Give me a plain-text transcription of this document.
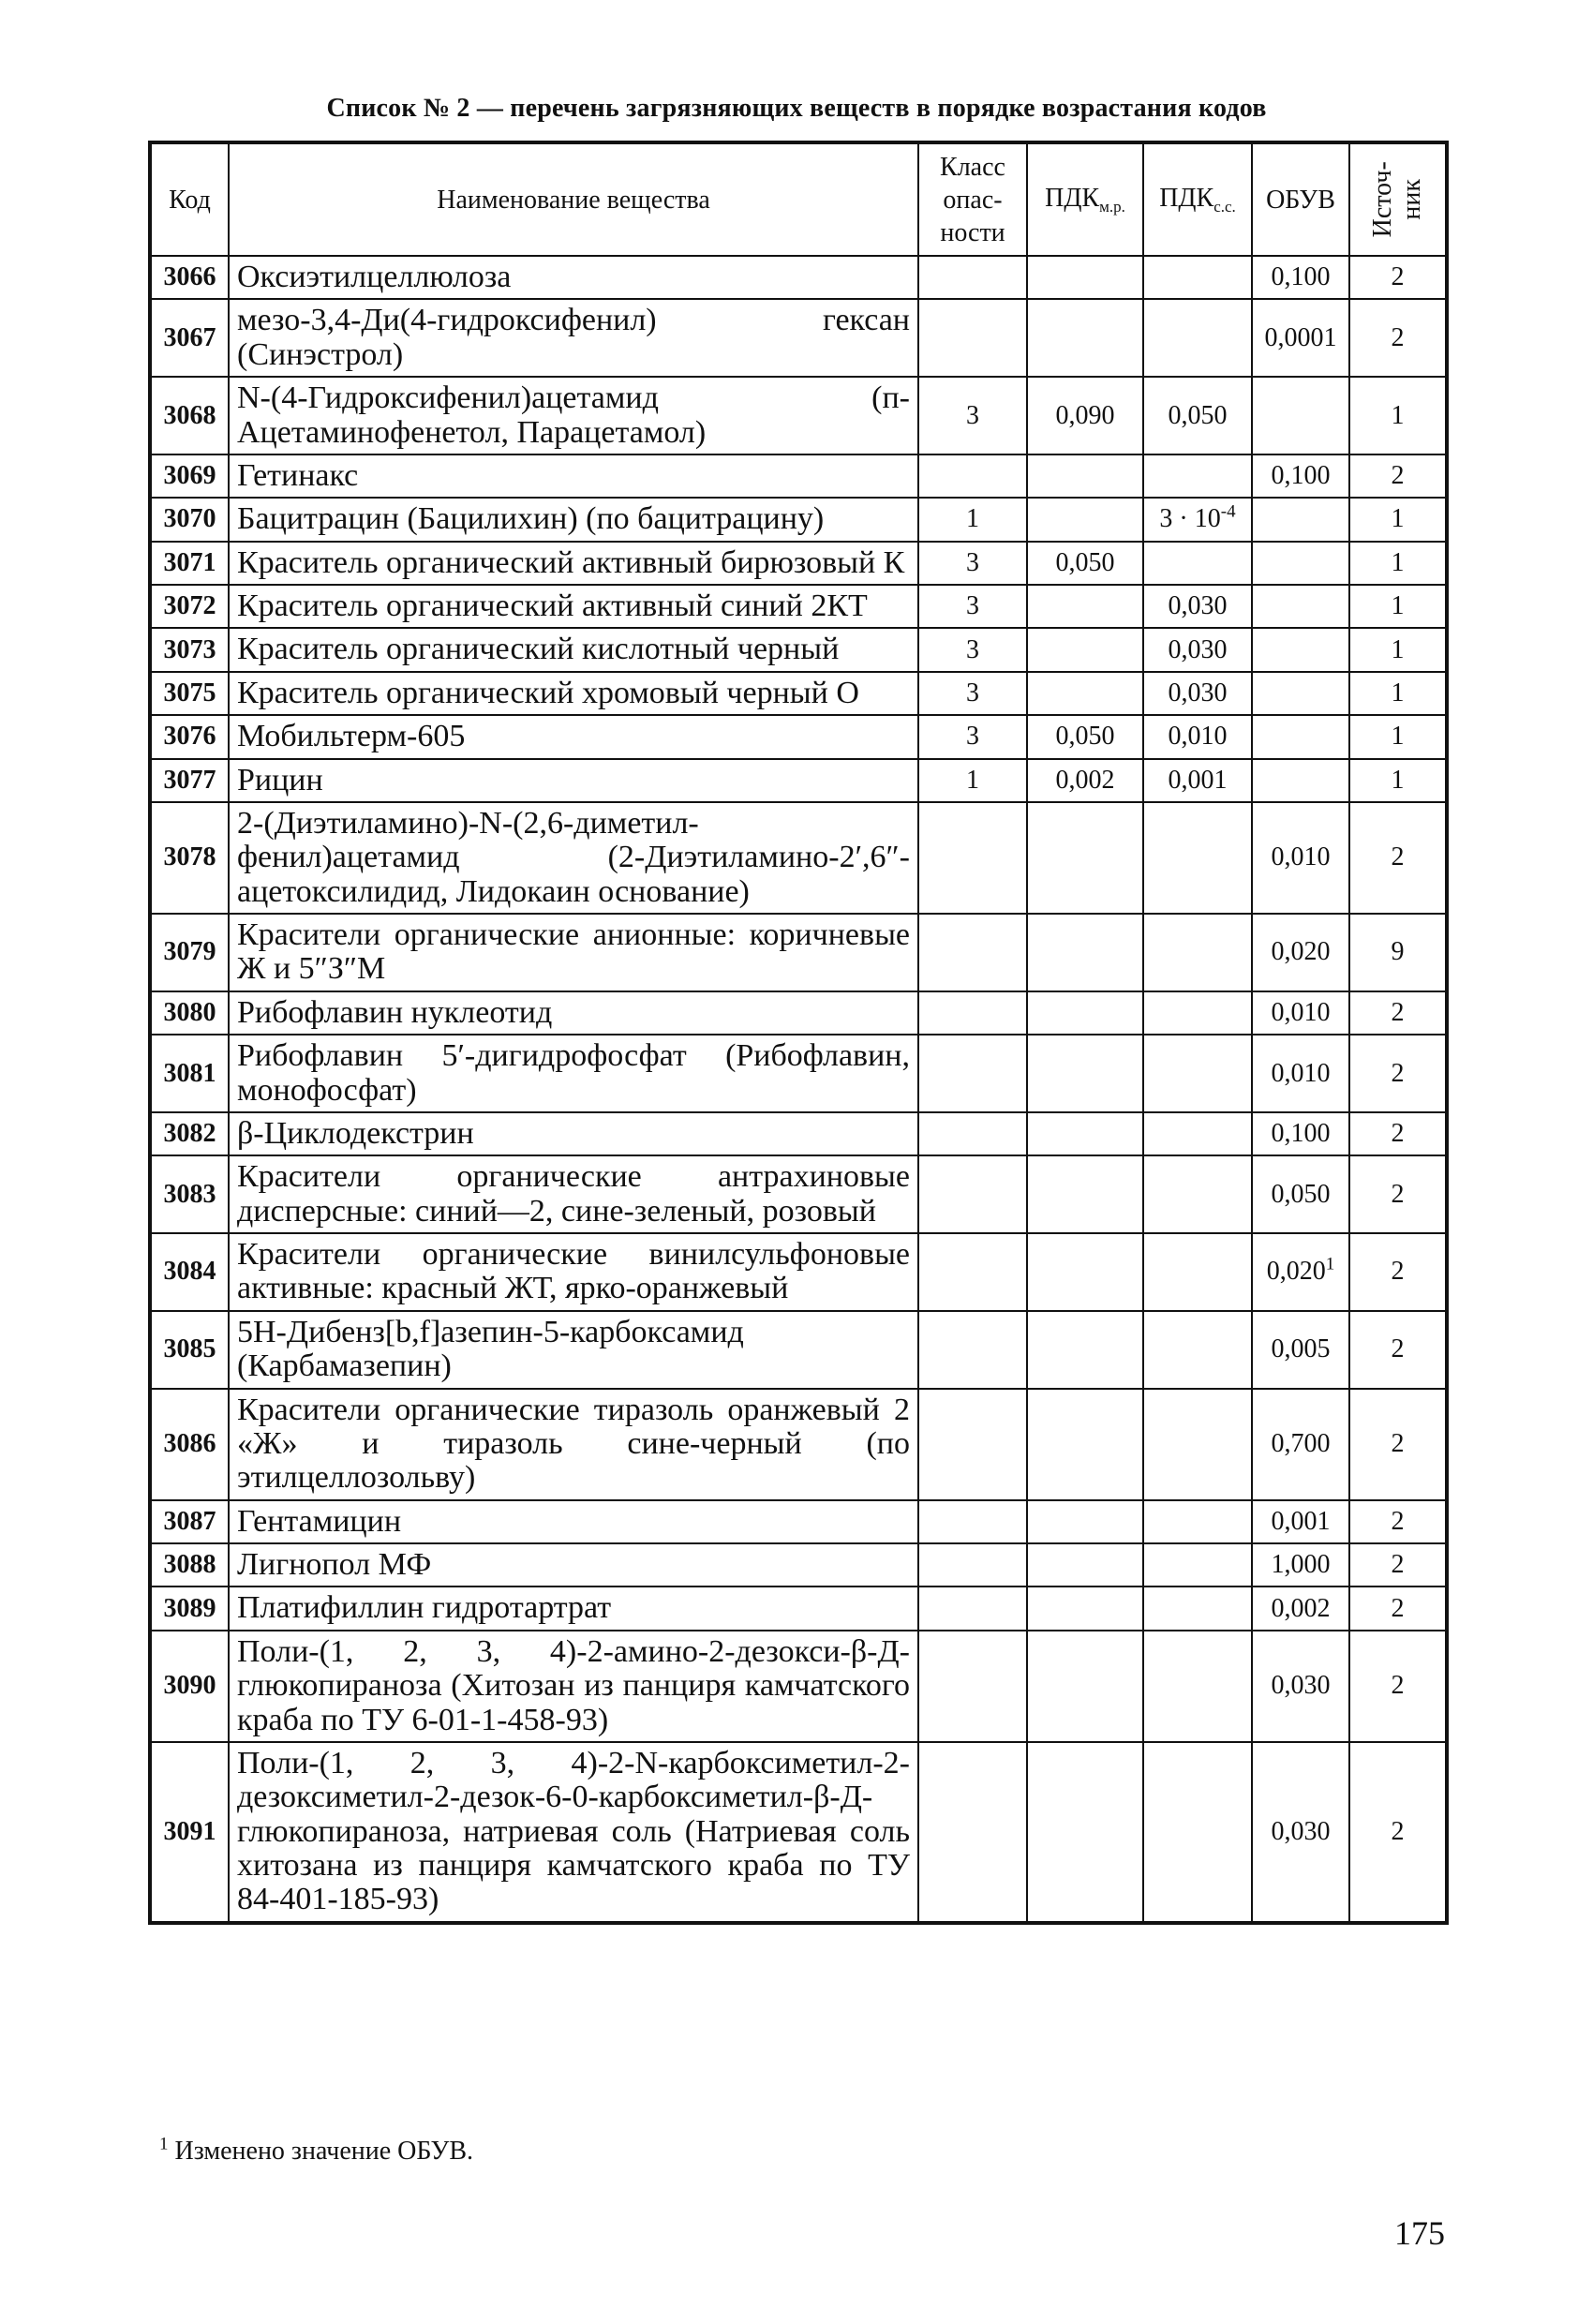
Список № 2 — перечень загрязняющих веществ в порядке возрастания кодов
Код	Наименование вещества	Класс
опас-
ности	$ПДК_{м.р.}$	$ПДК_{с.с.}$	ОБУВ	Источ- ник

3066	Оксиэтилцеллюлоза				0,100	2
3067	мезо-3,4-Ди(4-гидроксифенил) гексан (Синэстрол)				0,0001	2
3068	N-(4-Гидроксифенил)ацетамид (п-Ацетаминофенетол, Парацетамол)	3	0,090	0,050		1
3069	Гетинакс				0,100	2
3070	Бацитрацин (Бацилихин) (по бацитрацину)	1		$3 \cdot 10^{-4}$		1
3071	Краситель органический активный бирюзовый К	3	0,050			1
3072	Краситель органический активный синий 2КТ	3		0,030		1
3073	Краситель органический кислотный черный	3		0,030		1
3075	Краситель органический хромовый черный О	3		0,030		1
3076	Мобильтерм-605	3	0,050	0,010		1
3077	Рицин	1	0,002	0,001		1
3078	2-(Диэтиламино)-N-(2,6-диметил-фенил)ацетамид (2-Диэтиламино-2′,6″-ацетоксилидид, Лидокаин основание)				0,010	2
3079	Красители органические анионные: коричневые Ж и 5″З″М				0,020	9
3080	Рибофлавин нуклеотид				0,010	2
3081	Рибофлавин 5′-дигидрофосфат (Рибофлавин, монофосфат)				0,010	2
3082	β-Циклодекстрин				0,100	2
3083	Красители органические антрахиновые дисперсные: синий—2, сине-зеленый, розовый				0,050	2
3084	Красители органические винилсульфоновые активные: красный ЖТ, ярко-оранжевый				0,020$^1$	2
3085	5H-Дибенз[b,f]азепин-5-карбоксамид (Карбамазепин)				0,005	2
3086	Красители органические тиразоль оранжевый 2 «Ж» и тиразоль сине-черный (по этилцеллозольву)				0,700	2
3087	Гентамицин				0,001	2
3088	Лигнопол МФ				1,000	2
3089	Платифиллин гидротартрат				0,002	2
3090	Поли-(1, 2, 3, 4)-2-амино-2-дезокси-β-Д-глюкопираноза (Хитозан из панциря камчатского краба по ТУ 6-01-1-458-93)				0,030	2
3091	Поли-(1, 2, 3, 4)-2-N-карбоксиметил-2-дезоксиметил-2-дезок-6-0-карбоксиметил-β-Д-глюкопираноза, натриевая соль (Натриевая соль хитозана из панциря камчатского краба по ТУ 84-401-185-93)				0,030	2
$^1$ Изменено значение ОБУВ.
175
